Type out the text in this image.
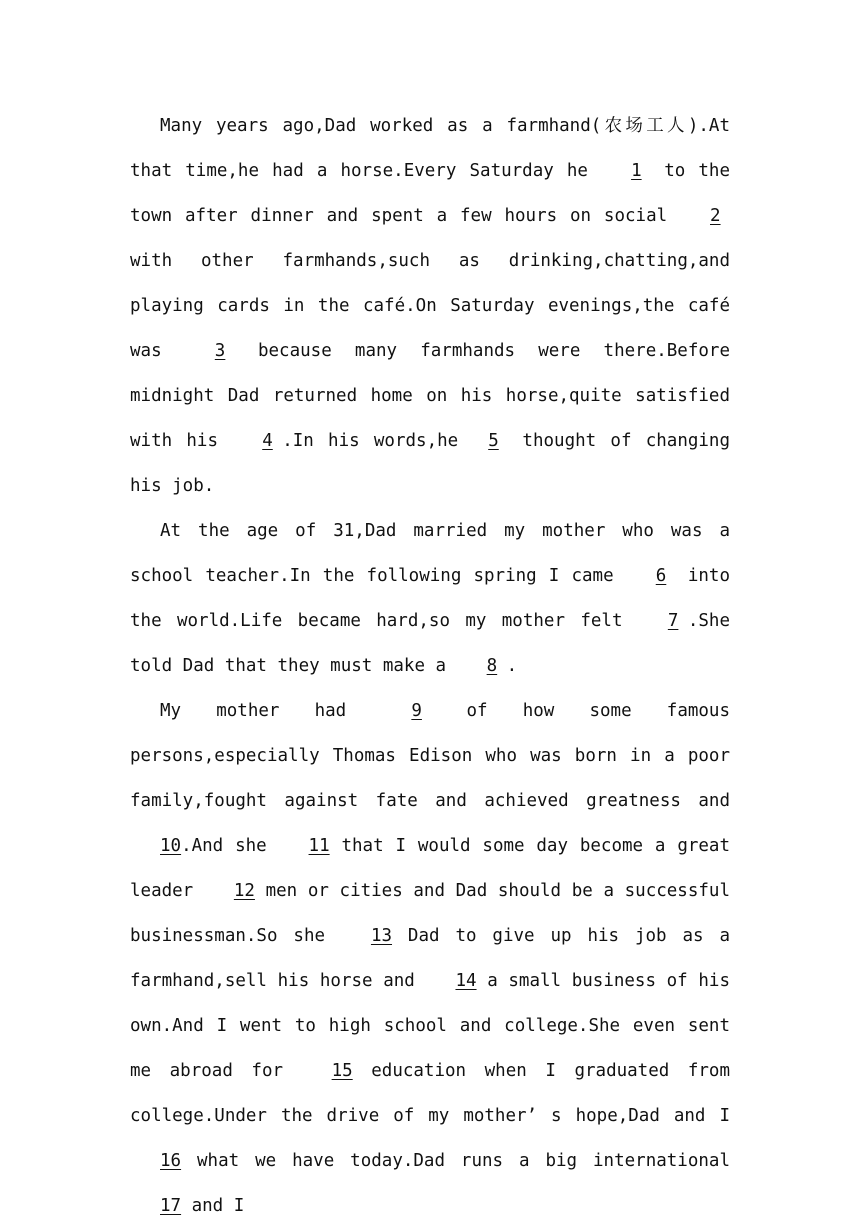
Many years ago,Dad worked as a farmhand(农场工人).At that time,he had a horse.Every Saturday he 1 to the town after dinner and spent a few hours on social 2 with other farmhands,such as drinking,chatting,and playing cards in the café.On Saturday evenings,the café was 3 because many farmhands were there.Before midnight Dad returned home on his horse,quite satisfied with his 4 .In his words,he 5 thought of changing his job.

At the age of 31,Dad married my mother who was a school teacher.In the following spring I came 6 into the world.Life became hard,so my mother felt 7 .She told Dad that they must make a 8 .

My mother had 9 of how some famous persons,especially Thomas Edison who was born in a poor family,fought against fate and achieved greatness and 10.And she 11 that I would some day become a great leader 12 men or cities and Dad should be a successful businessman.So she 13 Dad to give up his job as a farmhand,sell his horse and 14 a small business of his own.And I went to high school and college.She even sent me abroad for 15 education when I graduated from college.Under the drive of my mother’ s hope,Dad and I 16 what we have today.Dad runs a big international 17 and I
